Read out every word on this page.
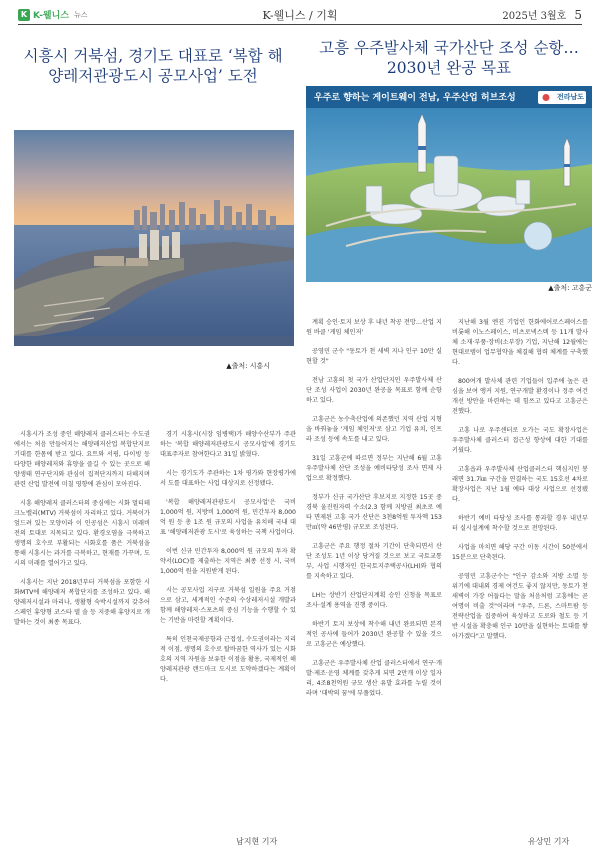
K K-웰니스 뉴스	K-웰니스 / 기획	2025년 3월호 5
시흥시 거북섬, 경기도 대표로 ‘복합 해양레저관광도시 공모사업’ 도전
고흥 우주발사체 국가산단 조성 순항…2030년 완공 목표
우주로 향하는 게이트웨이 전남, 우주산업 허브조성	전라남도
▲출처: 시흥시
▲출처: 고흥군

시흥시가 조성 중인 해양레저 클러스터는 수도권에서는 처음 만들어지는 해양레저산업 복합단지로 기대를 한몸에 받고 있다. 요트와 서핑, 다이빙 등 다양한 해양레저와 휴양을 즐길 수 있는 곳으로 해양생태 연구단지와 관심이 집적단지까지 더해지며 관련 산업 발전에 미칠 영향에 관심이 모아진다.

시흥 해양레저 클러스터의 중심에는 시화 멀티테크노밸리(MTV) 거북섬이 자리하고 있다. 거북이가 엎드려 있는 모양이라 이 인공섬은 시흥시 미래비전의 토대로 지목되고 있다. 환경오염을 극복하고 생명의 호수로 부활되는 시화호를 품은 거북섬을 통해 시흥시는 과거를 극복하고, 현재를 가꾸며, 도시의 미래를 열어가고 있다.

시흥시는 지난 2018년부터 거북섬을 포함한 시화MTV에 해양레저 복합단지를 조성하고 있다. 해양레저시설과 마리나, 생활형 숙박시설까지 갖추어 스페인 휴양형 코스타 델 솔 등 지중해 휴양지로 개발하는 것이 최종 목표다.

경기 시흥시(시장 임병택)가 해양수산부가 주관하는 '복합 해양레저관광도시 공모사업'에 경기도 대표주자로 참여한다고 31일 밝혔다.

시는 경기도가 주관하는 1차 평가와 현장평가에서 도를 대표하는 사업 대상지로 선정됐다.

'복합 해양레저관광도시 공모사업'은 국비 1,000억 원, 지방비 1,000억 원, 민간투자 8,000억 원 등 총 1조 원 규모의 사업을 유치해 국내 대표 '해양레저관광 도시'로 육성하는 국책 사업이다.

이번 신규 민간투자 8,000억 원 규모의 투자 확약서(LOC)를 제출하는 지역은 최종 선정 시, 국비 1,000억 원을 지원받게 된다.

시는 공모사업 지구로 거북섬 일원을 주요 거점으로 삼고, 세계적인 수준의 수상레저시설 개발과 함께 해양레저·스포츠의 중심 기능을 수행할 수 있는 기반을 마련할 계획이다.

특히 인천국제공항과 근접성, 수도권이라는 지리적 이점, 생명의 호수로 탈바꿈한 역사가 있는 시화호의 지역 자원을 보유한 이점을 활용, 국제적인 해양레저관광 랜드마크 도시로 도약하겠다는 계획이다.

계획 승인·토지 보상 후 내년 착공 전망…산업 지원 바클 '게임 체인저'

공영민 군수 "동토가 천 새벽 지나 인구 10만 실현할 것"

전남 고흥의 첫 국가 산업단지인 우주발사체 산단 조성 사업이 2030년 완공을 목표로 함께 순항하고 있다.

고흥군은 농수축산업에 의존했던 지역 산업 지형을 바꿔놓을 '게임 체인저'로 삼고 기업 유치, 인프라 조성 등에 속도를 내고 있다.

31일 고흥군에 따르면 정부는 지난해 6월 고흥 우주발사체 산단 조성을 예비타당성 조사 면제 사업으로 확정했다.

정부가 신규 국가산단 후보지로 지정한 15곳 중 경북 울진원자력 수소(2.3 함께 지방권 최초로 예타 면제된 고흥 국가 산단은 3천8억원 투자액 153만㎡(약 46만평) 규모로 조성된다.

고흥군은 주요 행정 절차 기간이 단축되면서 산단 조성도 1년 이상 당겨질 것으로 보고 국토교통부, 사업 시행자인 한국토지주택공사(LH)와 협의를 지속하고 있다.

LH는 상반기 산업단지계획 승인 신청을 목표로 조사·설계 용역을 진행 중이다.

하반기 토지 보상에 착수해 내년 완료되면 본격적인 공사에 들어가 2030년 완공할 수 있을 것으로 고흥군은 예상했다.

고흥군은 우주발사체 산업 클러스터에서 연구·개발·제조·운영 체계를 갖추게 되면 2만개 이상 일자리, 4조8천억원 규모 생산 유발 효과를 누릴 것이라며 '대박의 꿈'에 부풀었다.

지난해 3월 엔진 기업인 한화에어로스페이스를 비롯해 이노스페이스, 비츠로넥스텍 등 11개 발사체 소재·부품·장비(소부장) 기업, 지난해 12월에는 현대로템이 업무협약을 체결해 협력 체계를 구축했다.

800여개 발사체 관련 기업들이 입주에 높은 관심을 보여 앵커 지원, 연구개발 환경이나 정주 여건 개선 방안을 마련하는 데 힘쓰고 있다고 고흥군은 전했다.

고흥 나로 우주센터로 오가는 국도 확장사업은 우주발사체 클러스터 접근성 향상에 대한 기대를 키웠다.

고흥읍과 우주발사체 산업클러스터 핵심지인 봉래면 31.7㎞ 구간을 연결하는 국도 15호선 4차로 확장사업은 지난 1월 예타 대상 사업으로 선정됐다.

하반기 예비 타당성 조사를 통과할 경우 내년부터 실시설계에 착수할 것으로 전망된다.

사업을 마치면 해당 구간 이동 시간이 50분에서 15분으로 단축된다.

공영민 고흥군수는 "인구 감소와 지방 소멸 등 위기에 대내외 경제 여건도 좋지 않지만, 동토가 천 새벽이 가장 어둡다는 말을 처음처럼 고흥에는 곧 여명이 비출 것"이라며 "우주, 드론, 스마트팜 등 전략산업을 집중하여 육성하고 도로와 철도 등 기반 시설을 확충해 인구 10만을 실현하는 토대를 쌓아가겠다"고 말했다.

남지현 기자	유상민 기자
